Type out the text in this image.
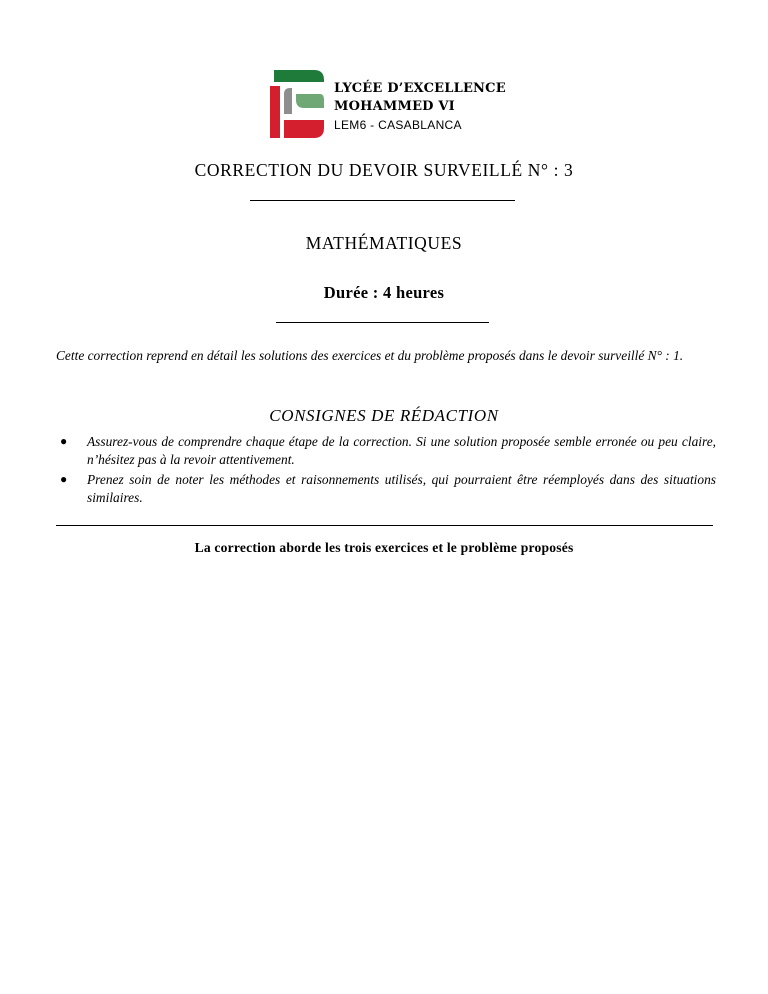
LYCÉE D’EXCELLENCE
MOHAMMED VI
LEM6 - CASABLANCA
CORRECTION DU DEVOIR SURVEILLÉ N° : 3
MATHÉMATIQUES
Durée : 4 heures
Cette correction reprend en détail les solutions des exercices et du problème proposés dans le devoir surveillé N° : 1.
CONSIGNES DE RÉDACTION
● Assurez-vous de comprendre chaque étape de la correction. Si une solution proposée semble erronée ou peu claire, n’hésitez pas à la revoir attentivement.
● Prenez soin de noter les méthodes et raisonnements utilisés, qui pourraient être réemployés dans des situations similaires.
La correction aborde les trois exercices et le problème proposés
